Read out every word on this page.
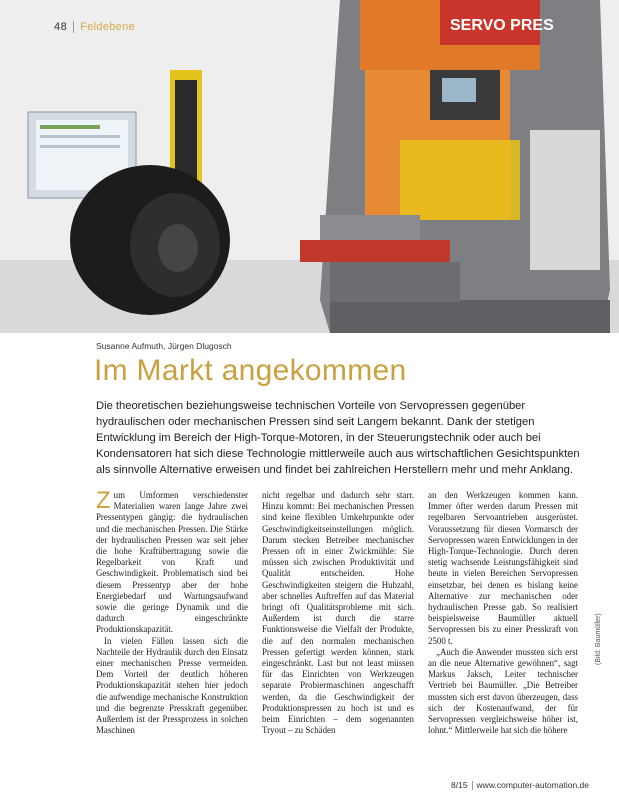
SERVO PRES
48 Feldebene
Susanne Aufmuth, Jürgen Dlugosch
Im Markt angekommen

Die theoretischen beziehungsweise technischen Vorteile von Servopressen gegenüber hydraulischen oder mechanischen Pressen sind seit Langem bekannt. Dank der stetigen Entwicklung im Bereich der High-Torque-Motoren, in der Steuerungstechnik oder auch bei Kondensatoren hat sich diese Technologie mittlerweile auch aus wirtschaftlichen Gesichtspunkten als sinnvolle Alternative erweisen und findet bei zahlreichen Herstellern mehr und mehr Anklang.

Zum Umformen verschiedenster Materialien waren lange Jahre zwei Pressentypen gängig: die hydraulischen und die mechanischen Pressen. Die Stärke der hydraulischen Pressen war seit jeher die hohe Kraftübertragung sowie die Regelbarkeit von Kraft und Geschwindigkeit. Problematisch sind bei diesem Pressentyp aber der hohe Energiebedarf und Wartungsaufwand sowie die geringe Dynamik und die dadurch eingeschränkte Produktionskapazität.

In vielen Fällen lassen sich die Nachteile der Hydraulik durch den Einsatz einer mechanischen Presse vermeiden. Dem Vorteil der deutlich höheren Produktionskapazität stehen hier jedoch die aufwendige mechanische Konstruktion und die begrenzte Presskraft gegenüber. Außerdem ist der Pressprozess in solchen Maschinen

nicht regelbar und dadurch sehr starr. Hinzu kommt: Bei mechanischen Pressen sind keine flexiblen Umkehrpunkte oder Geschwindigkeitseinstellungen möglich. Darum stecken Betreiber mechanischer Pressen oft in einer Zwickmühle: Sie müssen sich zwischen Produktivität und Qualität entscheiden. Hohe Geschwindigkeiten steigern die Hubzahl, aber schnelles Auftreffen auf das Material bringt oft Qualitätsprobleme mit sich. Außerdem ist durch die starre Funktionsweise die Vielfalt der Produkte, die auf den normalen mechanischen Pressen gefertigt werden können, stark eingeschränkt. Last but not least müssen für das Einrichten von Werkzeugen separate Probiermaschinen angeschafft werden, da die Geschwindigkeit der Produktionspressen zu hoch ist und es beim Einrichten – dem sogenannten Tryout – zu Schäden

an den Werkzeugen kommen kann. Immer öfter werden darum Pressen mit regelbaren Servoantrieben ausgerüstet. Voraussetzung für diesen Vormarsch der Servopressen waren Entwicklungen in der High-Torque-Technologie. Durch deren stetig wachsende Leistungsfähigkeit sind heute in vielen Bereichen Servopressen einsetzbar, bei denen es bislang keine Alternative zur mechanischen oder hydraulischen Presse gab. So realisiert beispielsweise Baumüller aktuell Servopressen bis zu einer Presskraft von 2500 t.

„Auch die Anwender mussten sich erst an die neue Alternative gewöhnen“, sagt Markus Jaksch, Leiter technischer Vertrieb bei Baumüller. „Die Betreiber mussten sich erst davon überzeugen, dass sich der Kostenaufwand, der für Servopressen vergleichsweise höher ist, lohnt.“ Mittlerweile hat sich die höhere

(Bild: Baumüller)
8/15 www.computer-automation.de
